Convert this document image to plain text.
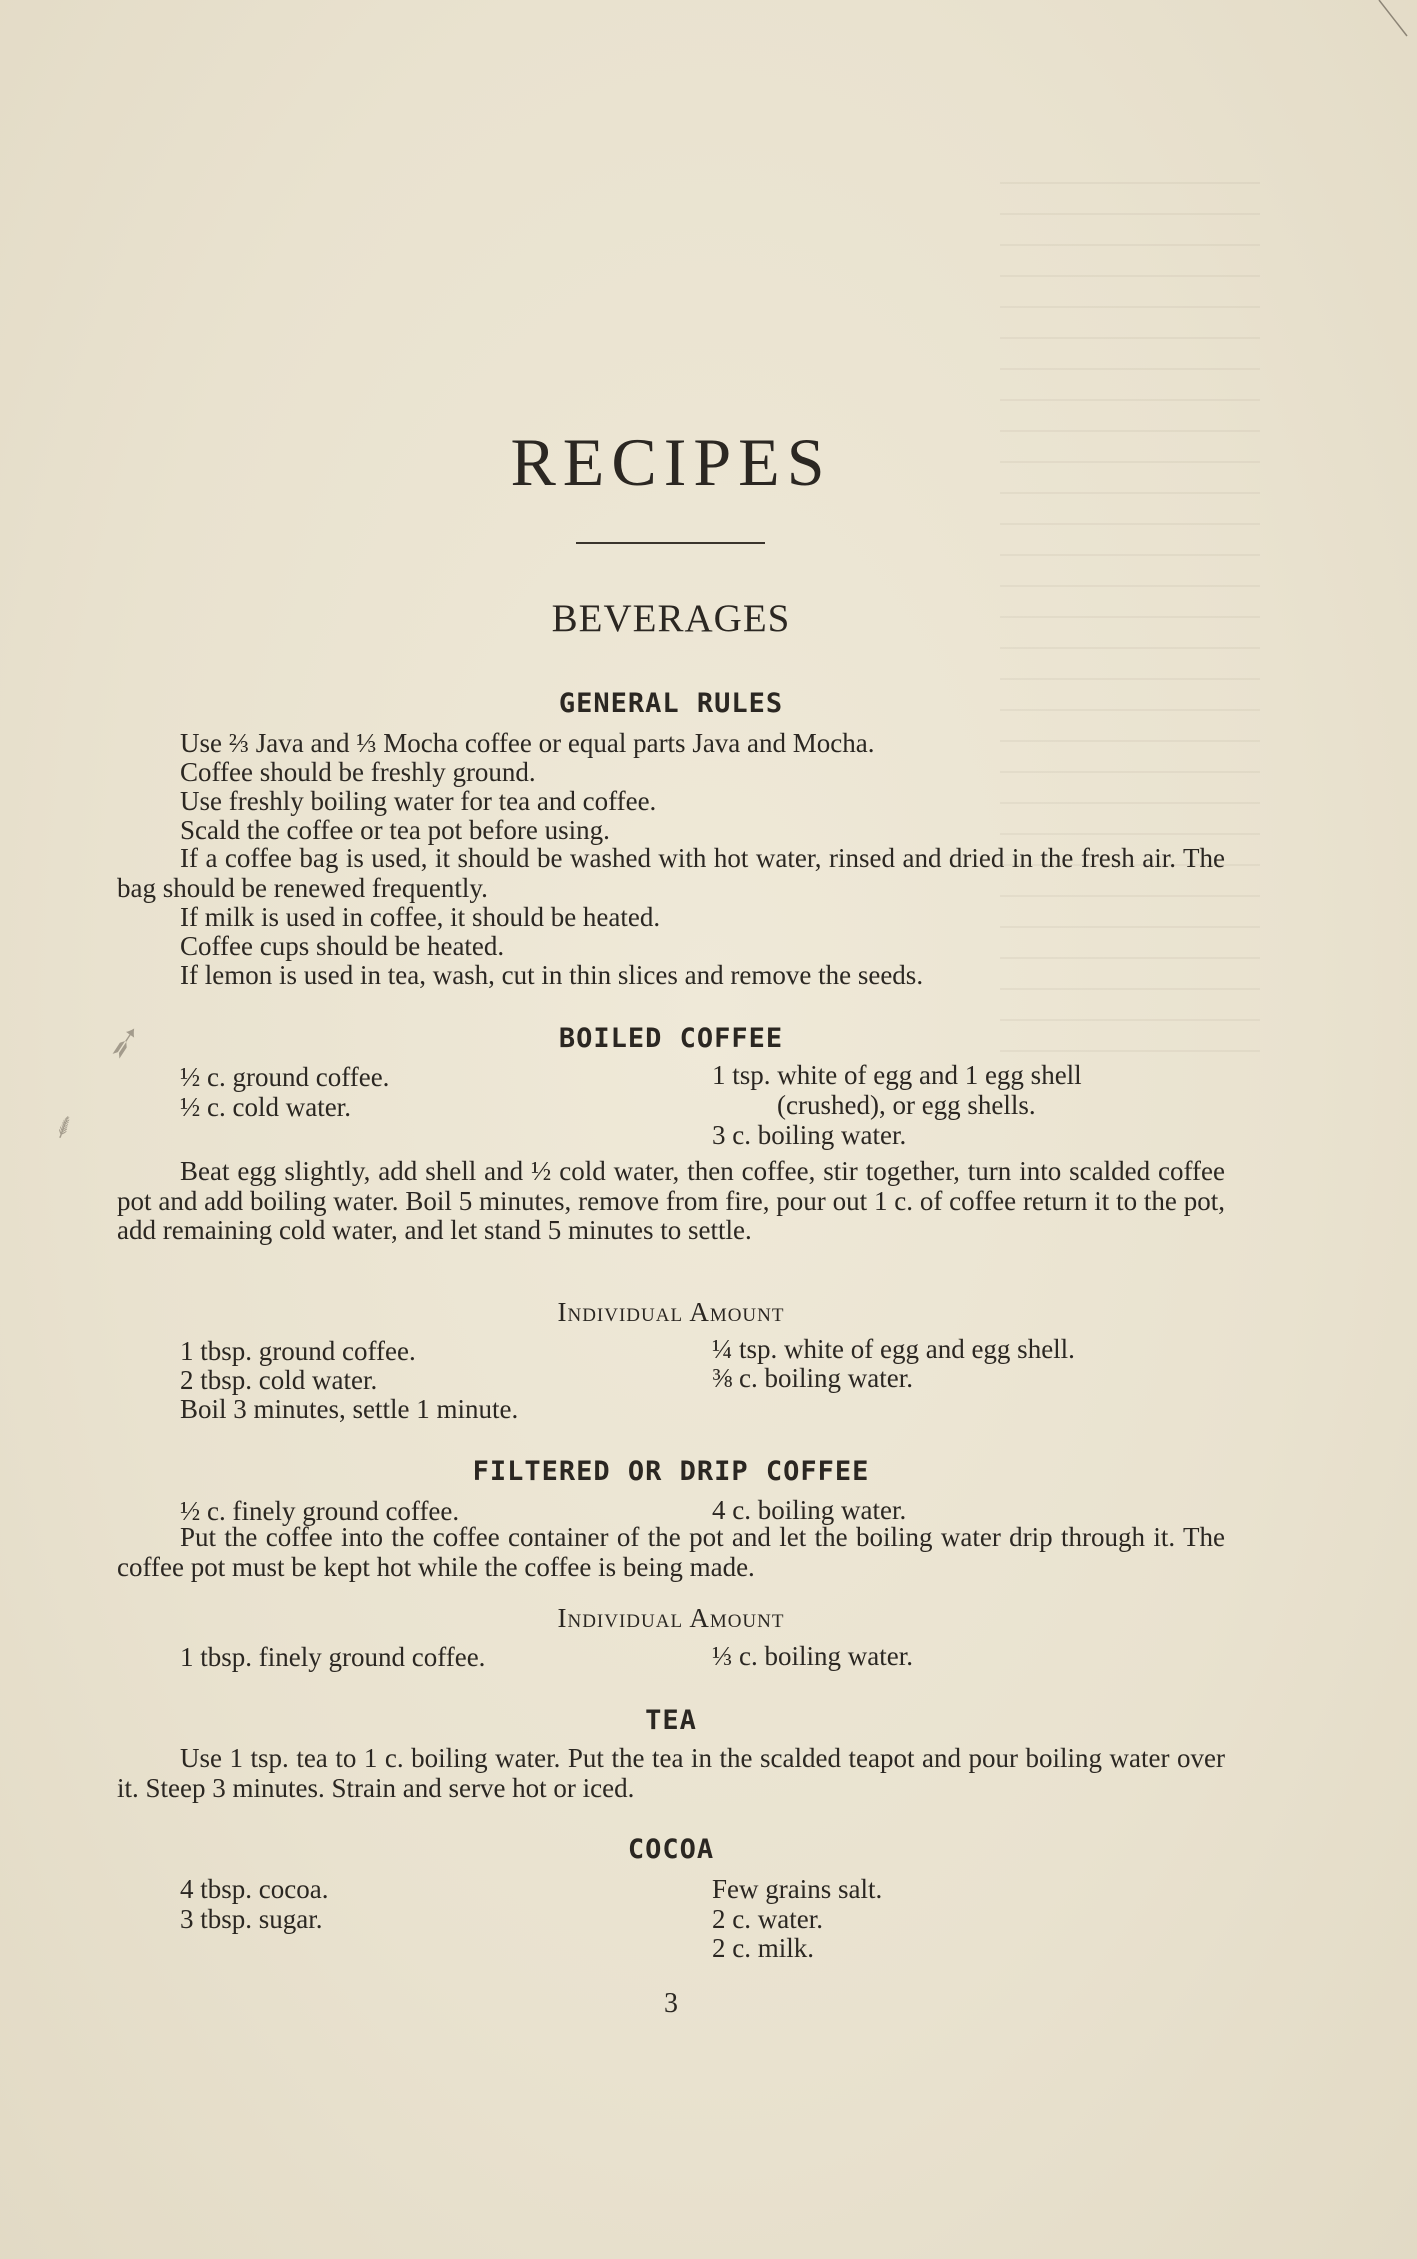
➶
⸙
RECIPES
BEVERAGES
GENERAL RULES
Use ⅔ Java and ⅓ Mocha coffee or equal parts Java and Mocha.
Coffee should be freshly ground.
Use freshly boiling water for tea and coffee.
Scald the coffee or tea pot before using.
If a coffee bag is used, it should be washed with hot water, rinsed and dried in the fresh air. The bag should be renewed frequently.
If milk is used in coffee, it should be heated.
Coffee cups should be heated.
If lemon is used in tea, wash, cut in thin slices and remove the seeds.
BOILED COFFEE
½ c. ground coffee.
½ c. cold water.
1 tsp. white of egg and 1 egg shell
(crushed), or egg shells.
3 c. boiling water.
Beat egg slightly, add shell and ½ cold water, then coffee, stir together, turn into scalded coffee pot and add boiling water. Boil 5 minutes, remove from fire, pour out 1 c. of coffee return it to the pot, add remaining cold water, and let stand 5 minutes to settle.
Individual Amount
1 tbsp. ground coffee.
2 tbsp. cold water.
Boil 3 minutes, settle 1 minute.
¼ tsp. white of egg and egg shell.
⅜ c. boiling water.
FILTERED OR DRIP COFFEE
½ c. finely ground coffee.	4 c. boiling water.
Put the coffee into the coffee container of the pot and let the boiling water drip through it. The coffee pot must be kept hot while the coffee is being made.
Individual Amount
1 tbsp. finely ground coffee.	⅓ c. boiling water.
TEA
Use 1 tsp. tea to 1 c. boiling water. Put the tea in the scalded teapot and pour boiling water over it. Steep 3 minutes. Strain and serve hot or iced.
COCOA
4 tbsp. cocoa.
3 tbsp. sugar.
Few grains salt.
2 c. water.
2 c. milk.
3
